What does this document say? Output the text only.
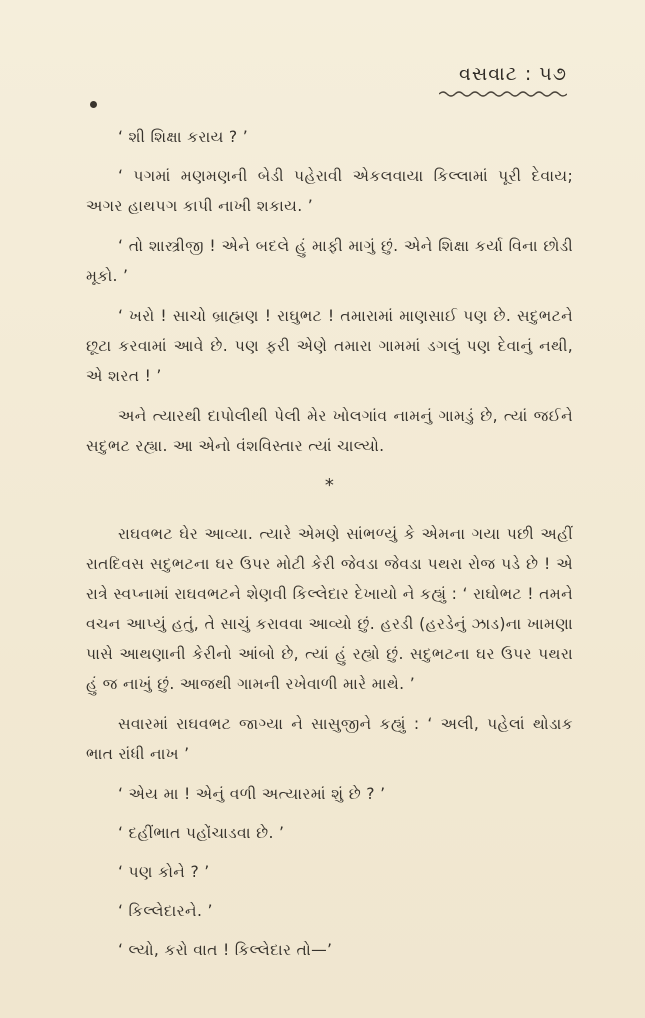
વસવાટ : ૫૭

‘ શી શિક્ષા કરાય ? ’

‘ પગમાં મણમણની બેડી પહેરાવી એકલવાયા કિલ્લામાં પૂરી દેવાય; અગર હાથપગ કાપી નાખી શકાય. ’

‘ તો શાસ્ત્રીજી ! એને બદલે હું માફી માગું છું. એને શિક્ષા કર્યા વિના છોડી મૂકો. ’

‘ ખરો ! સાચો બ્રાહ્મણ ! રાઘુભટ ! તમારામાં માણસાઈ પણ છે. સદુભટને છૂટા કરવામાં આવે છે. પણ ફરી એણે તમારા ગામમાં ડગલું પણ દેવાનું નથી, એ શરત ! ’

અને ત્યારથી દાપોલીથી પેલી મેર ખોલગાંવ નામનું ગામડું છે, ત્યાં જઈને સદુભટ રહ્યા. આ એનો વંશવિસ્તાર ત્યાં ચાલ્યો.

*

રાઘવભટ ઘેર આવ્યા. ત્યારે એમણે સાંભળ્યું કે એમના ગયા પછી અહીં રાતદિવસ સદુભટના ઘર ઉપર મોટી કેરી જેવડા જેવડા પથરા રોજ પડે છે ! એ રાત્રે સ્વપ્નામાં રાઘવભટને શેણવી કિલ્લેદાર દેખાયો ને કહ્યું : ‘ રાઘોભટ ! તમને વચન આપ્યું હતું, તે સાચું કરાવવા આવ્યો છું. હરડી (હરડેનું ઝાડ)ના ખામણા પાસે આથણાની કેરીનો આંબો છે, ત્યાં હું રહ્યો છું. સદુભટના ઘર ઉપર પથરા હું જ નાખું છું. આજથી ગામની રખેવાળી મારે માથે. ’

સવારમાં રાઘવભટ જાગ્યા ને સાસુજીને કહ્યું : ‘ અલી, પહેલાં થોડાક ભાત રાંધી નાખ ’

‘ એય મા ! એનું વળી અત્યારમાં શું છે ? ’

‘ દહીંભાત પહોંચાડવા છે. ’

‘ પણ કોને ? ’

‘ કિલ્લેદારને. ’

‘ લ્યો, કરો વાત ! કિલ્લેદાર તો—’
